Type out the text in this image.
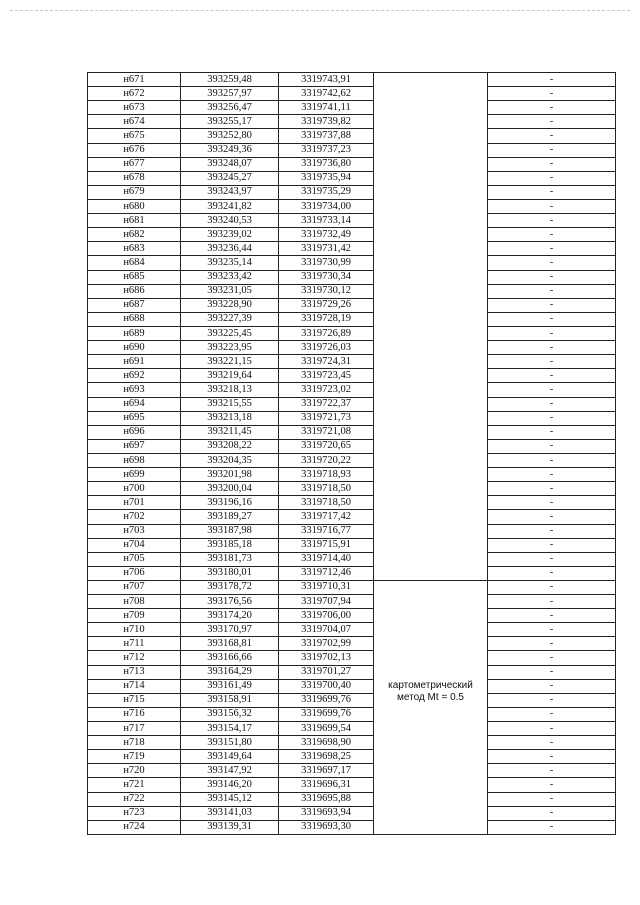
н671	393259,48	3319743,91		-
н672	393257,97	3319742,62		-
н673	393256,47	3319741,11		-
н674	393255,17	3319739,82		-
н675	393252,80	3319737,88		-
н676	393249,36	3319737,23		-
н677	393248,07	3319736,80		-
н678	393245,27	3319735,94		-
н679	393243,97	3319735,29		-
н680	393241,82	3319734,00		-
н681	393240,53	3319733,14		-
н682	393239,02	3319732,49		-
н683	393236,44	3319731,42		-
н684	393235,14	3319730,99		-
н685	393233,42	3319730,34		-
н686	393231,05	3319730,12		-
н687	393228,90	3319729,26		-
н688	393227,39	3319728,19		-
н689	393225,45	3319726,89		-
н690	393223,95	3319726,03		-
н691	393221,15	3319724,31		-
н692	393219,64	3319723,45		-
н693	393218,13	3319723,02		-
н694	393215,55	3319722,37		-
н695	393213,18	3319721,73		-
н696	393211,45	3319721,08		-
н697	393208,22	3319720,65		-
н698	393204,35	3319720,22		-
н699	393201,98	3319718,93		-
н700	393200,04	3319718,50		-
н701	393196,16	3319718,50		-
н702	393189,27	3319717,42		-
н703	393187,98	3319716,77		-
н704	393185,18	3319715,91		-
н705	393181,73	3319714,40		-
н706	393180,01	3319712,46		-
н707	393178,72	3319710,31	картометрический метод Mt = 0.5	-
н708	393176,56	3319707,94		-
н709	393174,20	3319706,00		-
н710	393170,97	3319704,07		-
н711	393168,81	3319702,99		-
н712	393166,66	3319702,13		-
н713	393164,29	3319701,27		-
н714	393161,49	3319700,40		-
н715	393158,91	3319699,76		-
н716	393156,32	3319699,76		-
н717	393154,17	3319699,54		-
н718	393151,80	3319698,90		-
н719	393149,64	3319698,25		-
н720	393147,92	3319697,17		-
н721	393146,20	3319696,31		-
н722	393145,12	3319695,88		-
н723	393141,03	3319693,94		-
н724	393139,31	3319693,30		-
